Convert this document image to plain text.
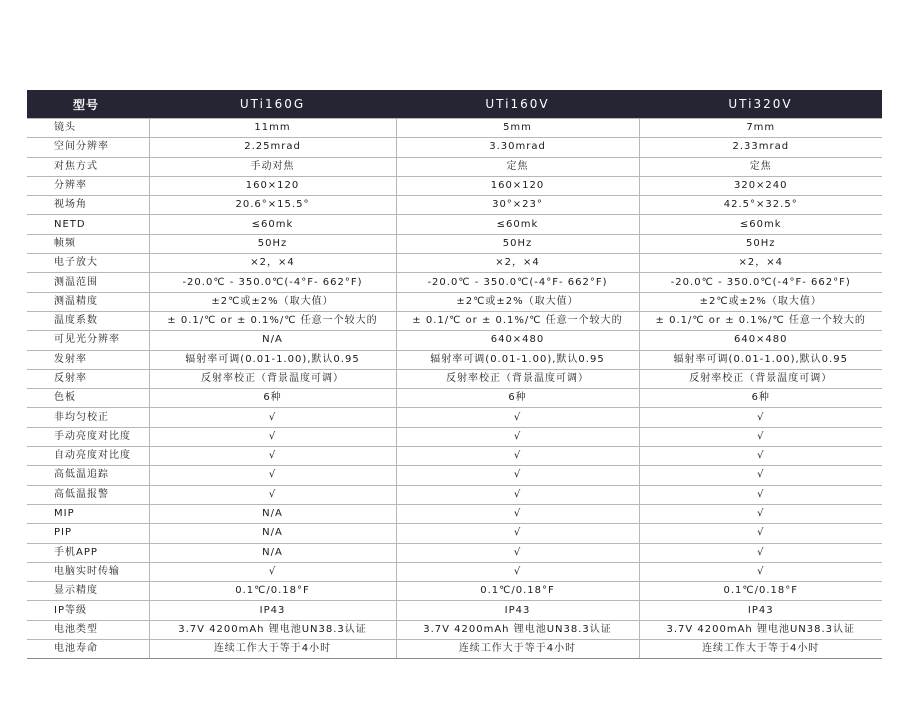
型号	UTi160G	UTi160V	UTi320V
镜头	11mm	5mm	7mm
空间分辨率	2.25mrad	3.30mrad	2.33mrad
对焦方式	手动对焦	定焦	定焦
分辨率	160×120	160×120	320×240
视场角	20.6°×15.5°	30°×23°	42.5°×32.5°
NETD	≤60mk	≤60mk	≤60mk
帧频	50Hz	50Hz	50Hz
电子放大	×2，×4	×2，×4	×2，×4
测温范围	-20.0℃ - 350.0℃(-4°F- 662°F)	-20.0℃ - 350.0℃(-4°F- 662°F)	-20.0℃ - 350.0℃(-4°F- 662°F)
测温精度	±2℃或±2%（取大值）	±2℃或±2%（取大值）	±2℃或±2%（取大值）
温度系数	± 0.1/℃ or ± 0.1%/℃ 任意一个较大的	± 0.1/℃ or ± 0.1%/℃ 任意一个较大的	± 0.1/℃ or ± 0.1%/℃ 任意一个较大的
可见光分辨率	N/A	640×480	640×480
发射率	辐射率可调(0.01-1.00),默认0.95	辐射率可调(0.01-1.00),默认0.95	辐射率可调(0.01-1.00),默认0.95
反射率	反射率校正（背景温度可调）	反射率校正（背景温度可调）	反射率校正（背景温度可调）
色板	6种	6种	6种
非均匀校正	√	√	√
手动亮度对比度	√	√	√
自动亮度对比度	√	√	√
高低温追踪	√	√	√
高低温报警	√	√	√
MIP	N/A	√	√
PIP	N/A	√	√
手机APP	N/A	√	√
电脑实时传输	√	√	√
显示精度	0.1℃/0.18°F	0.1℃/0.18°F	0.1℃/0.18°F
IP等级	IP43	IP43	IP43
电池类型	3.7V 4200mAh 锂电池UN38.3认证	3.7V 4200mAh 锂电池UN38.3认证	3.7V 4200mAh 锂电池UN38.3认证
电池寿命	连续工作大于等于4小时	连续工作大于等于4小时	连续工作大于等于4小时
